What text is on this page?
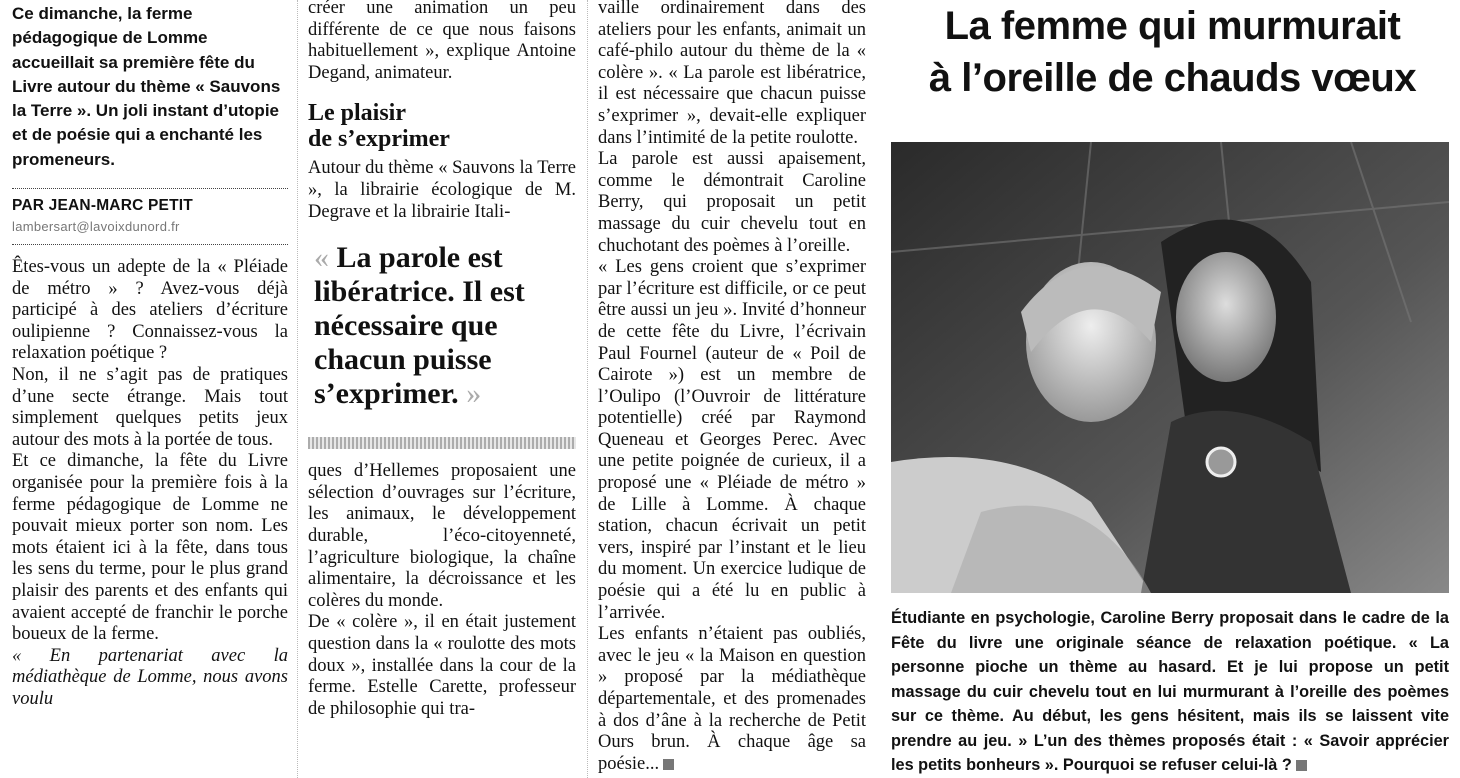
Ce dimanche, la ferme pédagogique de Lomme accueillait sa première fête du Livre autour du thème « Sauvons la Terre ». Un joli instant d’utopie et de poésie qui a enchanté les promeneurs.

PAR JEAN-MARC PETIT

lambersart@lavoixdunord.fr

Êtes-vous un adepte de la « Pléiade de métro » ? Avez-vous déjà participé à des ateliers d’écriture oulipienne ? Connaissez-vous la relaxation poétique ?

Non, il ne s’agit pas de pratiques d’une secte étrange. Mais tout simplement quelques petits jeux autour des mots à la portée de tous.

Et ce dimanche, la fête du Livre organisée pour la première fois à la ferme pédagogique de Lomme ne pouvait mieux porter son nom. Les mots étaient ici à la fête, dans tous les sens du terme, pour le plus grand plaisir des parents et des enfants qui avaient accepté de franchir le porche boueux de la ferme.

« En partenariat avec la médiathèque de Lomme, nous avons voulu

créer une animation un peu différente de ce que nous faisons habituellement », explique Antoine Degand, animateur.

Le plaisir

de s’exprimer

Autour du thème « Sauvons la Terre », la librairie écologique de M. Degrave et la librairie Itali-

« La parole est libératrice. Il est nécessaire que chacun puisse s’exprimer. »

ques d’Hellemes proposaient une sélection d’ouvrages sur l’écriture, les animaux, le développement durable, l’éco-citoyenneté, l’agriculture biologique, la chaîne alimentaire, la décroissance et les colères du monde.

De « colère », il en était justement question dans la « roulotte des mots doux », installée dans la cour de la ferme. Estelle Carette, professeur de philosophie qui tra-

vaille ordinairement dans des ateliers pour les enfants, animait un café-philo autour du thème de la « colère ». « La parole est libératrice, il est nécessaire que chacun puisse s’exprimer », devait-elle expliquer dans l’intimité de la petite roulotte.

La parole est aussi apaisement, comme le démontrait Caroline Berry, qui proposait un petit massage du cuir chevelu tout en chuchotant des poèmes à l’oreille.

« Les gens croient que s’exprimer par l’écriture est difficile, or ce peut être aussi un jeu ». Invité d’honneur de cette fête du Livre, l’écrivain Paul Fournel (auteur de « Poil de Cairote ») est un membre de l’Oulipo (l’Ouvroir de littérature potentielle) créé par Raymond Queneau et Georges Perec. Avec une petite poignée de curieux, il a proposé une « Pléiade de métro » de Lille à Lomme. À chaque station, chacun écrivait un petit vers, inspiré par l’instant et le lieu du moment. Un exercice ludique de poésie qui a été lu en public à l’arrivée.

Les enfants n’étaient pas oubliés, avec le jeu « la Maison en question » proposé par la médiathèque départementale, et des promenades à dos d’âne à la recherche de Petit Ours brun. À chaque âge sa poésie...

La femme qui murmurait
à l’oreille de chauds vœux

Étudiante en psychologie, Caroline Berry proposait dans le cadre de la Fête du livre une originale séance de relaxation poétique. « La personne pioche un thème au hasard. Et je lui propose un petit massage du cuir chevelu tout en lui murmurant à l’oreille des poèmes sur ce thème. Au début, les gens hésitent, mais ils se laissent vite prendre au jeu. » L’un des thèmes proposés était : « Savoir apprécier les petits bonheurs ». Pourquoi se refuser celui-là ?
